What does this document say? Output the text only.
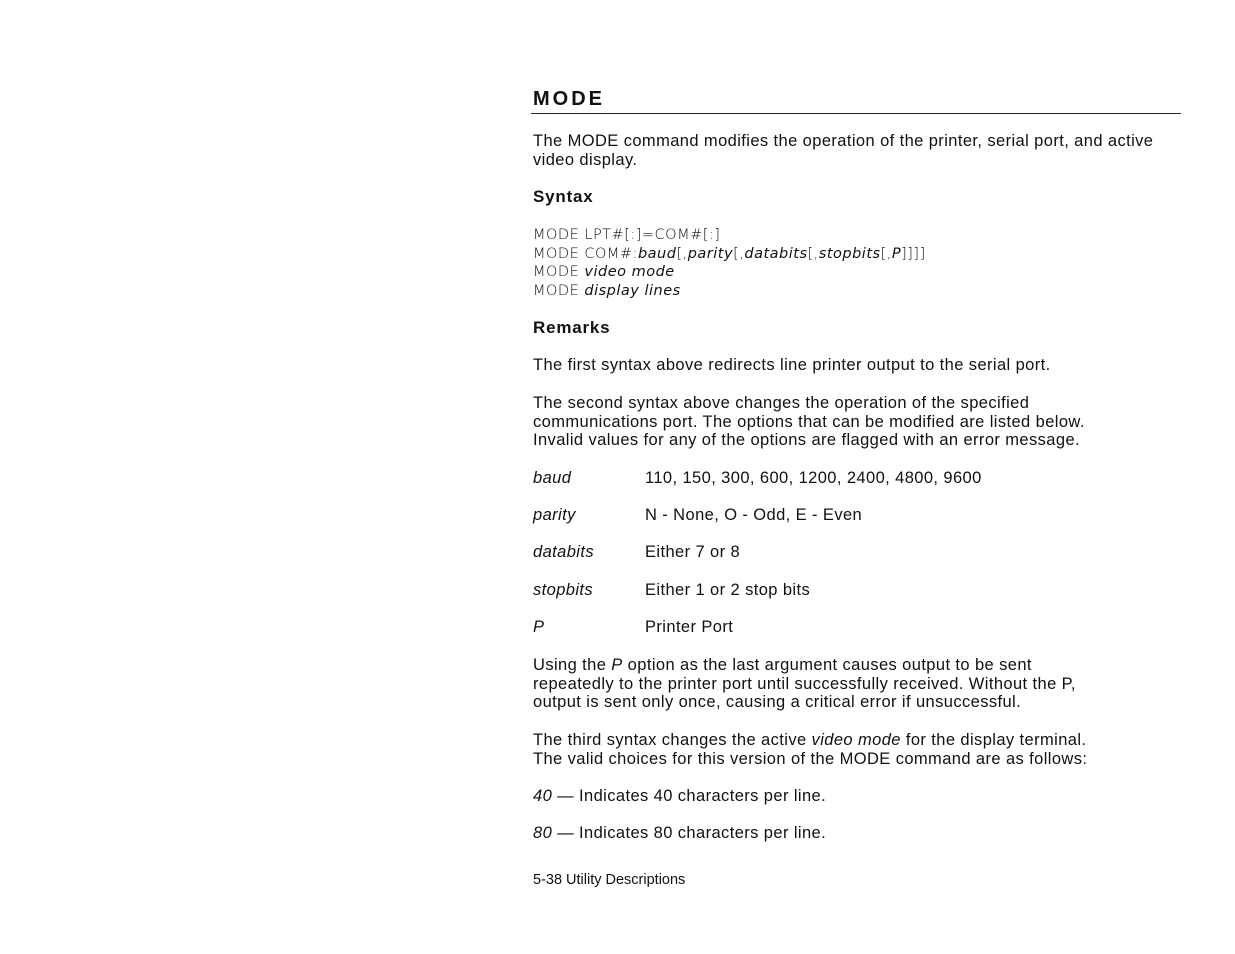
MODE

The MODE command modifies the operation of the printer, serial port, and active video display.

Syntax

MODE LPT#[:]=COM#[:]

MODE COM#:baud[,parity[,databits[,stopbits[,P]]]]

MODE video mode

MODE display lines

Remarks

The first syntax above redirects line printer output to the serial port.

The second syntax above changes the operation of the specified

communications port. The options that can be modified are listed below.

Invalid values for any of the options are flagged with an error message.

baud	110, 150, 300, 600, 1200, 2400, 4800, 9600
parity	N - None, O - Odd, E - Even
databits	Either 7 or 8
stopbits	Either 1 or 2 stop bits
P	Printer Port

Using the P option as the last argument causes output to be sent

repeatedly to the printer port until successfully received. Without the P,

output is sent only once, causing a critical error if unsuccessful.

The third syntax changes the active video mode for the display terminal.

The valid choices for this version of the MODE command are as follows:

40 — Indicates 40 characters per line.

80 — Indicates 80 characters per line.

5-38 Utility Descriptions
